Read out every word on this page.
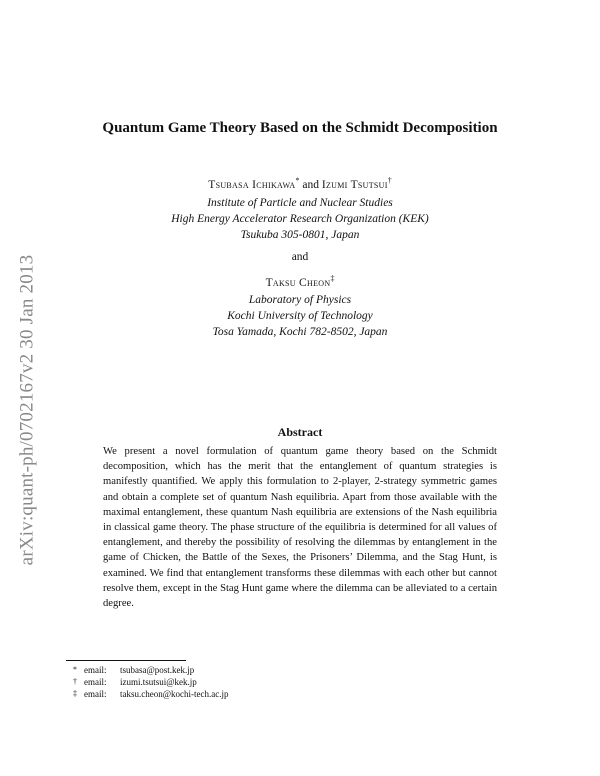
arXiv:quant-ph/0702167v2 30 Jan 2013
Quantum Game Theory Based on the Schmidt Decomposition
Tsubasa Ichikawa* and Izumi Tsutsui†
Institute of Particle and Nuclear Studies
High Energy Accelerator Research Organization (KEK)
Tsukuba 305-0801, Japan
and
Taksu Cheon‡
Laboratory of Physics
Kochi University of Technology
Tosa Yamada, Kochi 782-8502, Japan
Abstract

We present a novel formulation of quantum game theory based on the Schmidt decomposition, which has the merit that the entanglement of quantum strategies is manifestly quantified. We apply this formulation to 2-player, 2-strategy symmetric games and obtain a complete set of quantum Nash equilibria. Apart from those available with the maximal entanglement, these quantum Nash equilibria are extensions of the Nash equilibria in classical game theory. The phase structure of the equilibria is determined for all values of entanglement, and thereby the possibility of resolving the dilemmas by entanglement in the game of Chicken, the Battle of the Sexes, the Prisoners’ Dilemma, and the Stag Hunt, is examined. We find that entanglement transforms these dilemmas with each other but cannot resolve them, except in the Stag Hunt game where the dilemma can be alleviated to a certain degree.

* email:	tsubasa@post.kek.jp
† email:	izumi.tsutsui@kek.jp
‡ email:	taksu.cheon@kochi-tech.ac.jp
